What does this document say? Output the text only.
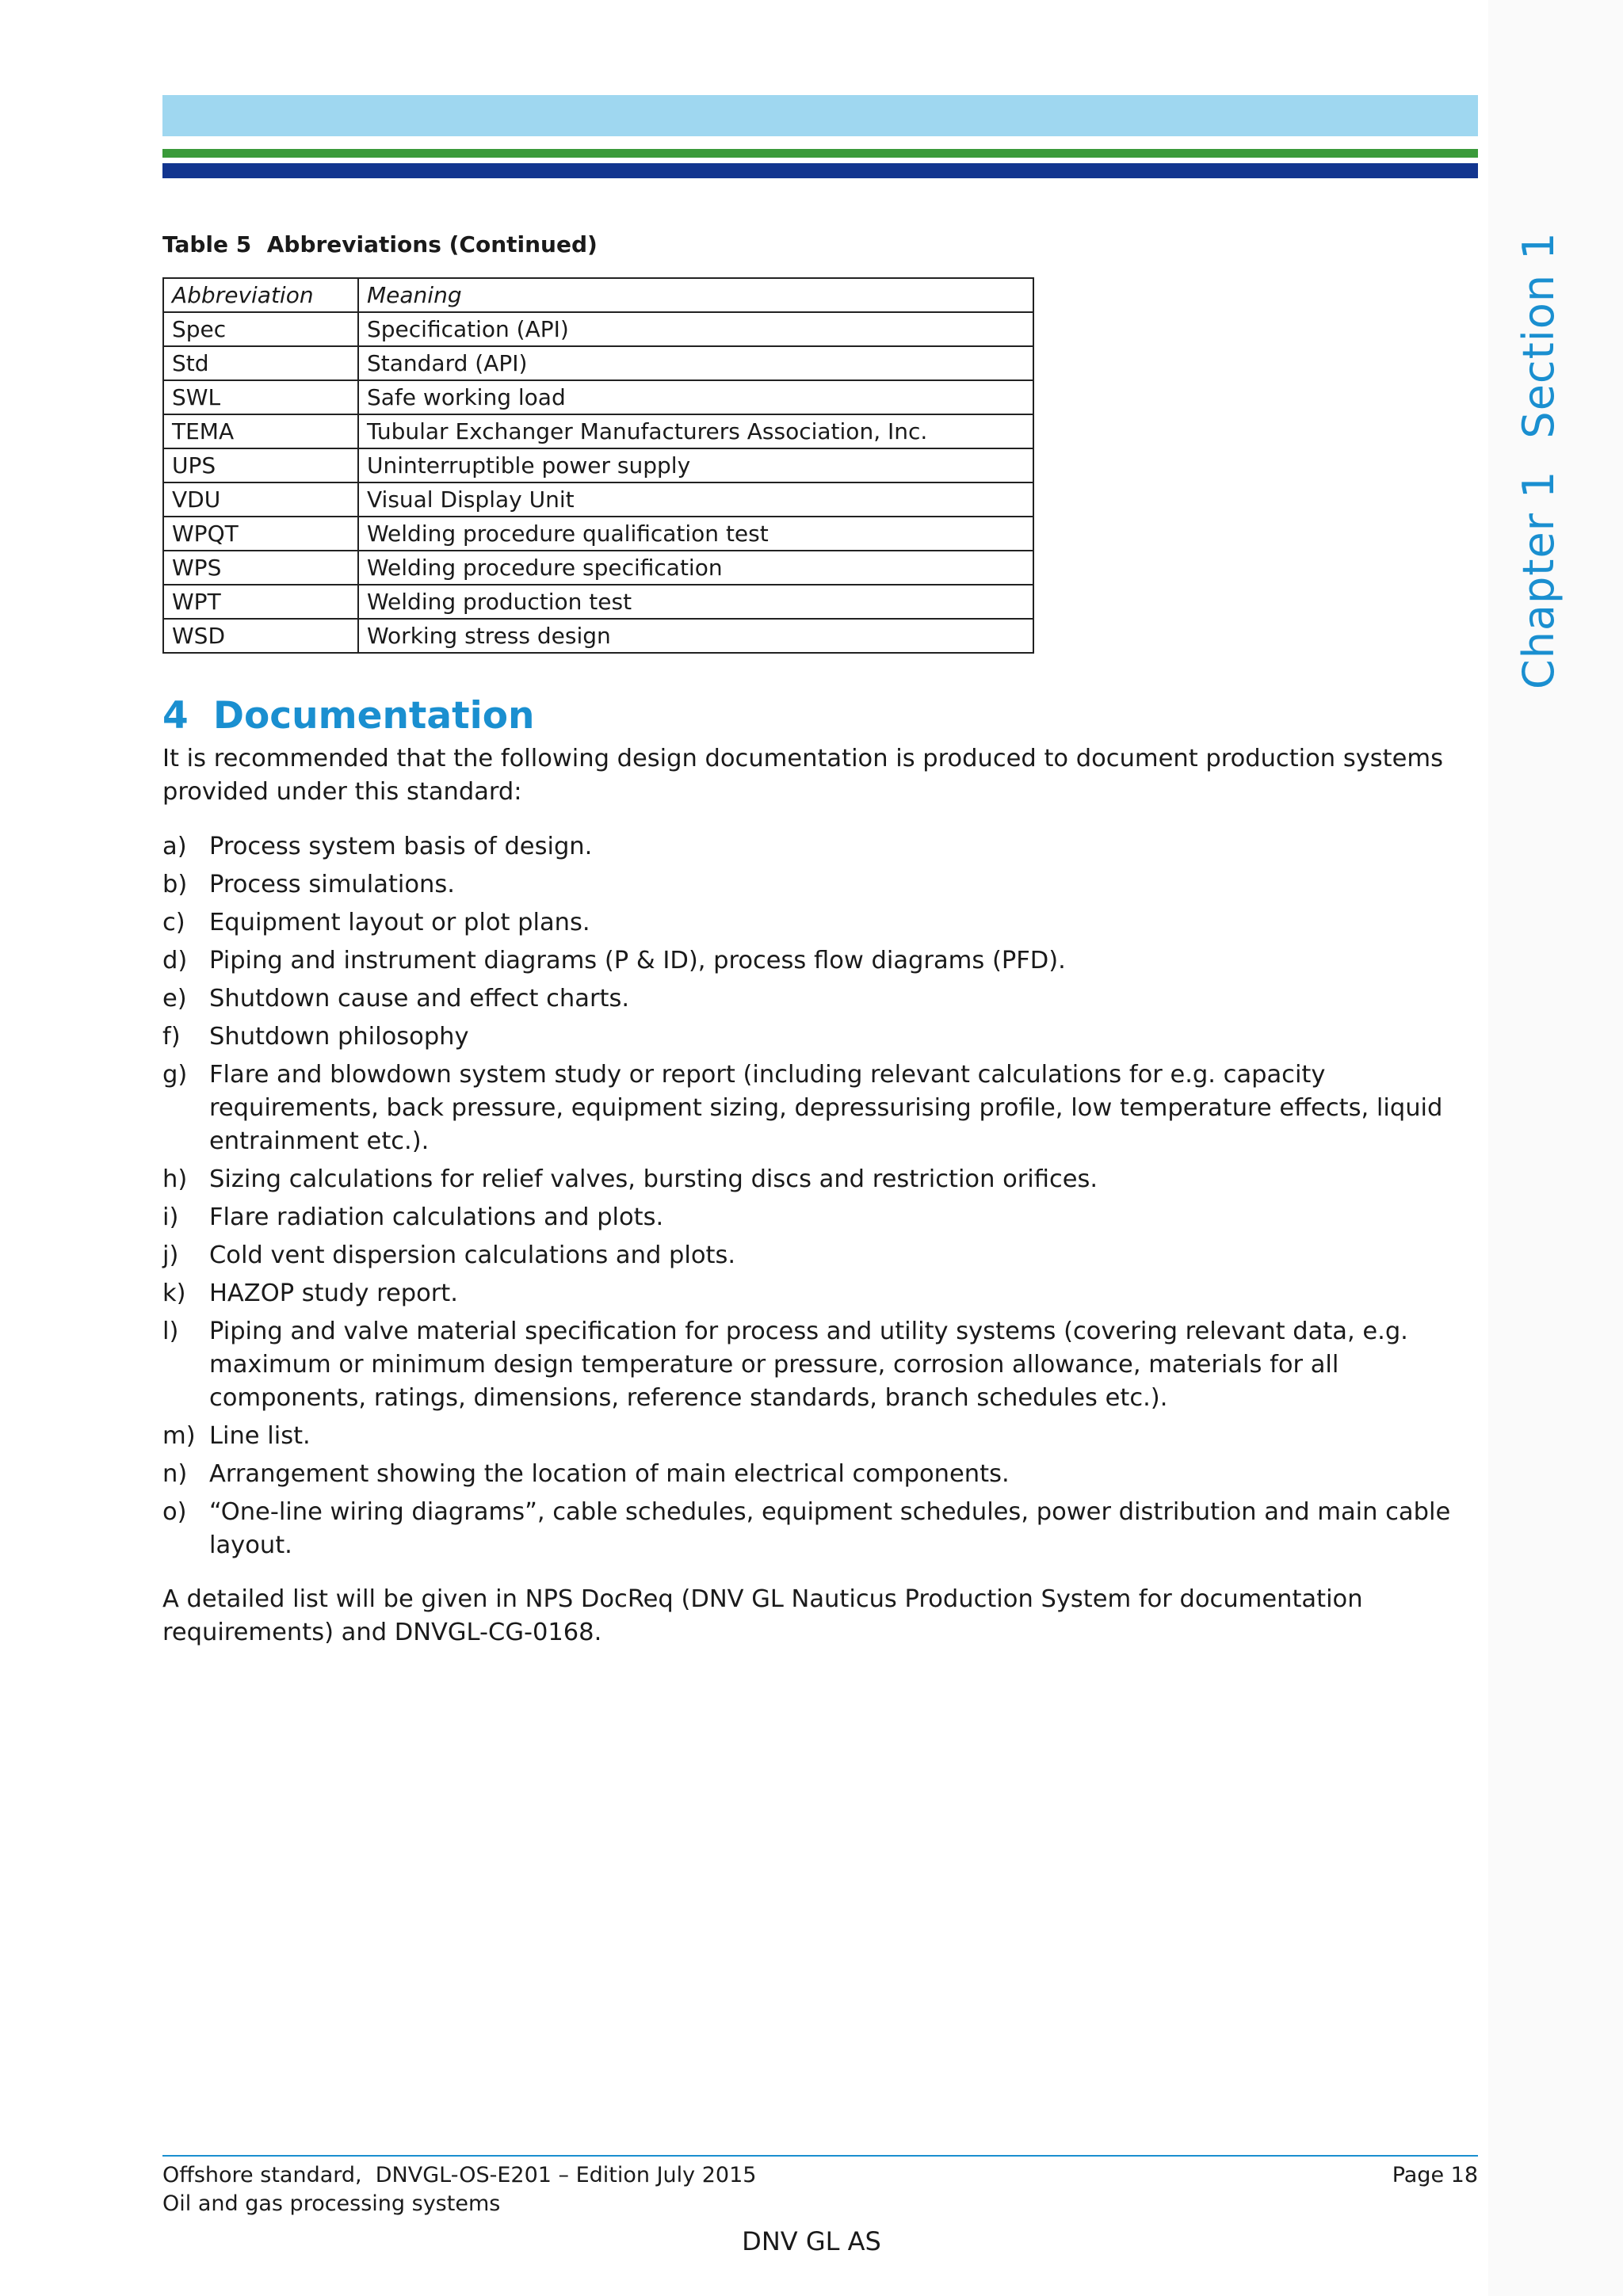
Chapter 1Section 1
Table 5  Abbreviations (Continued)
Abbreviation	Meaning
Spec	Specification (API)
Std	Standard (API)
SWL	Safe working load
TEMA	Tubular Exchanger Manufacturers Association, Inc.
UPS	Uninterruptible power supply
VDU	Visual Display Unit
WPQT	Welding procedure qualification test
WPS	Welding procedure specification
WPT	Welding production test
WSD	Working stress design
4 Documentation
It is recommended that the following design documentation is produced to document production systems provided under this standard:
a) Process system basis of design.
b) Process simulations.
c) Equipment layout or plot plans.
d) Piping and instrument diagrams (P & ID), process flow diagrams (PFD).
e) Shutdown cause and effect charts.
f)	Shutdown philosophy
g) Flare and blowdown system study or report (including relevant calculations for e.g. capacity requirements, back pressure, equipment sizing, depressurising profile, low temperature effects, liquid entrainment etc.).
h) Sizing calculations for relief valves, bursting discs and restriction orifices.
i)	Flare radiation calculations and plots.
j)	Cold vent dispersion calculations and plots.
k) HAZOP study report.
l)	Piping and valve material specification for process and utility systems (covering relevant data, e.g. maximum or minimum design temperature or pressure, corrosion allowance, materials for all components, ratings, dimensions, reference standards, branch schedules etc.).
m) Line list.
n) Arrangement showing the location of main electrical components.
o) “One-line wiring diagrams”, cable schedules, equipment schedules, power distribution and main cable layout.
A detailed list will be given in NPS DocReq (DNV GL Nauticus Production System for documentation requirements) and DNVGL-CG-0168.
Offshore standard,  DNVGL-OS-E201 – Edition July 2015
Oil and gas processing systems
Page 18
DNV GL AS
